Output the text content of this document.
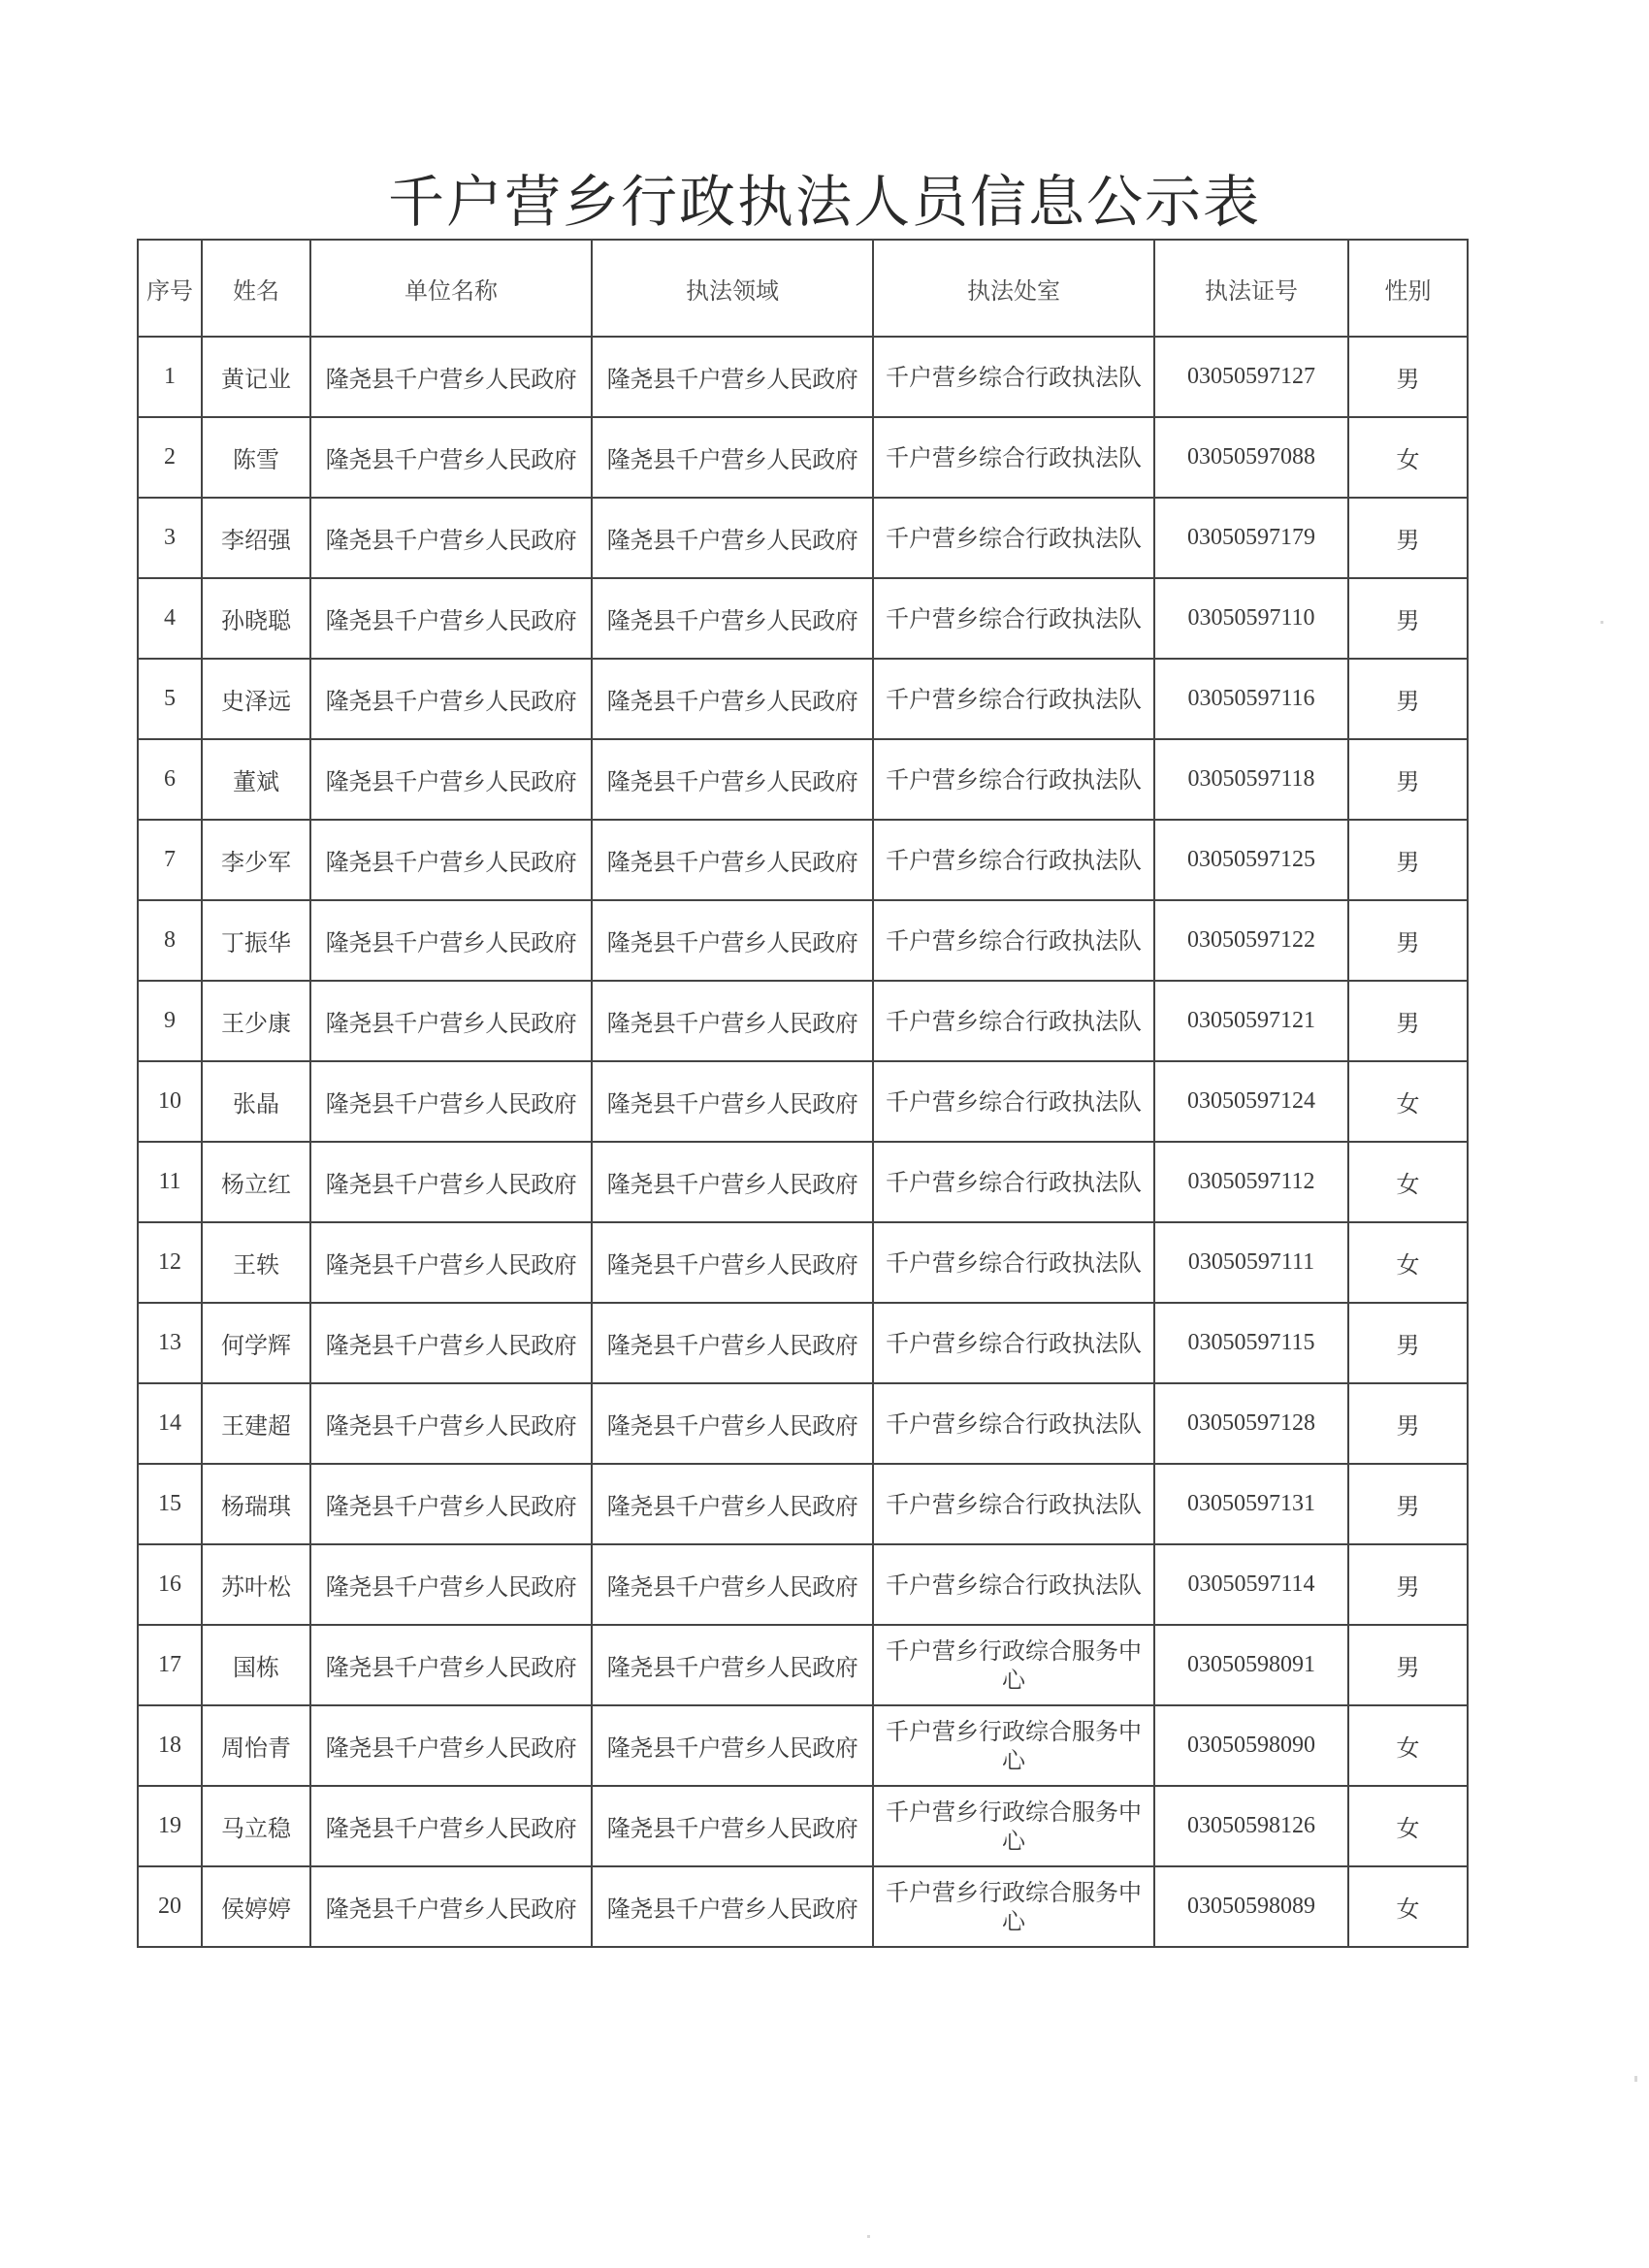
千户营乡行政执法人员信息公示表
序号	姓名	单位名称	执法领域	执法处室	执法证号	性别
1	黄记业	隆尧县千户营乡人民政府	隆尧县千户营乡人民政府	千户营乡综合行政执法队	03050597127	男
2	陈雪	隆尧县千户营乡人民政府	隆尧县千户营乡人民政府	千户营乡综合行政执法队	03050597088	女
3	李绍强	隆尧县千户营乡人民政府	隆尧县千户营乡人民政府	千户营乡综合行政执法队	03050597179	男
4	孙晓聪	隆尧县千户营乡人民政府	隆尧县千户营乡人民政府	千户营乡综合行政执法队	03050597110	男
5	史泽远	隆尧县千户营乡人民政府	隆尧县千户营乡人民政府	千户营乡综合行政执法队	03050597116	男
6	董斌	隆尧县千户营乡人民政府	隆尧县千户营乡人民政府	千户营乡综合行政执法队	03050597118	男
7	李少军	隆尧县千户营乡人民政府	隆尧县千户营乡人民政府	千户营乡综合行政执法队	03050597125	男
8	丁振华	隆尧县千户营乡人民政府	隆尧县千户营乡人民政府	千户营乡综合行政执法队	03050597122	男
9	王少康	隆尧县千户营乡人民政府	隆尧县千户营乡人民政府	千户营乡综合行政执法队	03050597121	男
10	张晶	隆尧县千户营乡人民政府	隆尧县千户营乡人民政府	千户营乡综合行政执法队	03050597124	女
11	杨立红	隆尧县千户营乡人民政府	隆尧县千户营乡人民政府	千户营乡综合行政执法队	03050597112	女
12	王轶	隆尧县千户营乡人民政府	隆尧县千户营乡人民政府	千户营乡综合行政执法队	03050597111	女
13	何学辉	隆尧县千户营乡人民政府	隆尧县千户营乡人民政府	千户营乡综合行政执法队	03050597115	男
14	王建超	隆尧县千户营乡人民政府	隆尧县千户营乡人民政府	千户营乡综合行政执法队	03050597128	男
15	杨瑞琪	隆尧县千户营乡人民政府	隆尧县千户营乡人民政府	千户营乡综合行政执法队	03050597131	男
16	苏叶松	隆尧县千户营乡人民政府	隆尧县千户营乡人民政府	千户营乡综合行政执法队	03050597114	男
17	国栋	隆尧县千户营乡人民政府	隆尧县千户营乡人民政府	千户营乡行政综合服务中心	03050598091	男
18	周怡青	隆尧县千户营乡人民政府	隆尧县千户营乡人民政府	千户营乡行政综合服务中心	03050598090	女
19	马立稳	隆尧县千户营乡人民政府	隆尧县千户营乡人民政府	千户营乡行政综合服务中心	03050598126	女
20	侯婷婷	隆尧县千户营乡人民政府	隆尧县千户营乡人民政府	千户营乡行政综合服务中心	03050598089	女
